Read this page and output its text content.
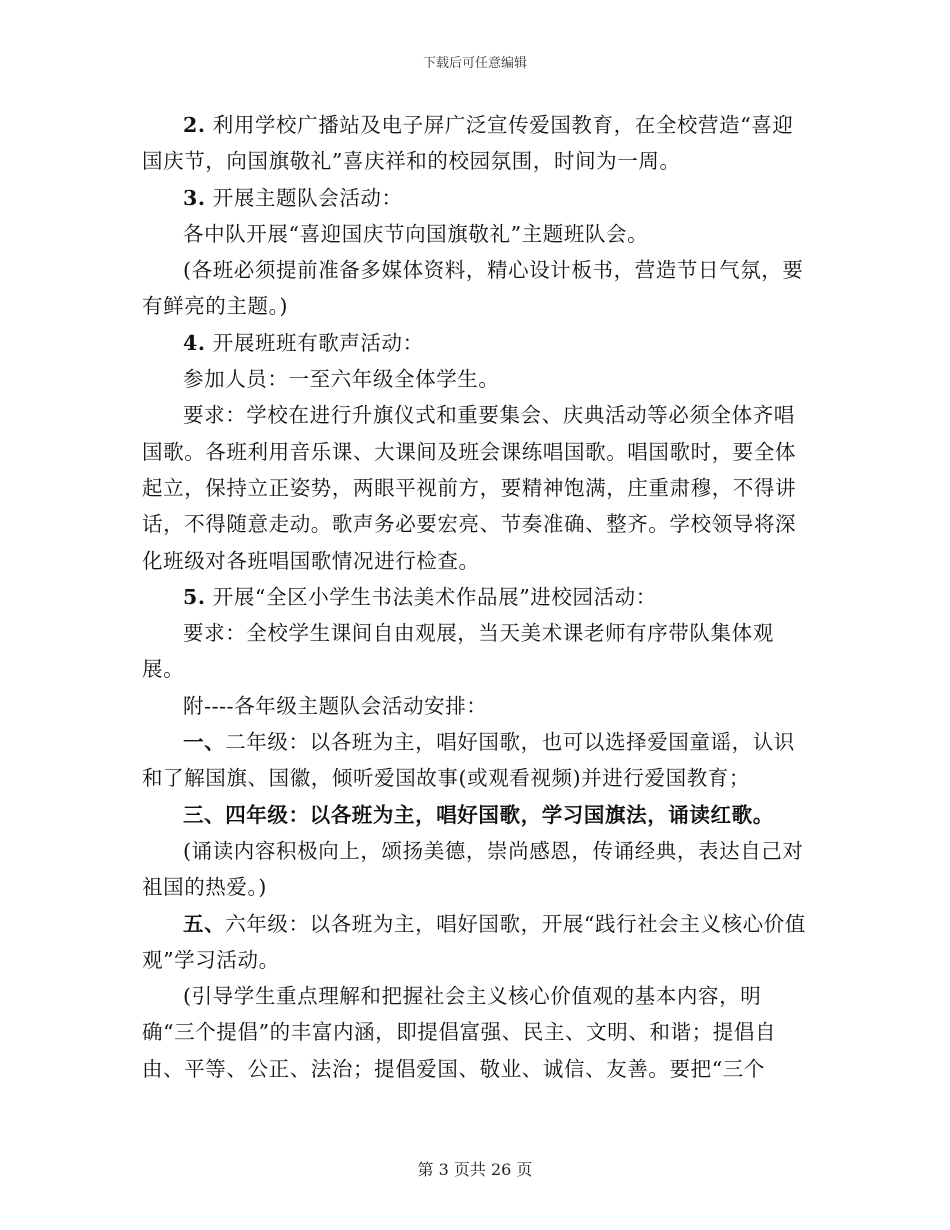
下载后可任意编辑

2. 利用学校广播站及电子屏广泛宣传爱国教育，在全校营造“喜迎国庆节，向国旗敬礼”喜庆祥和的校园氛围，时间为一周。

3. 开展主题队会活动：

各中队开展“喜迎国庆节向国旗敬礼”主题班队会。

(各班必须提前准备多媒体资料，精心设计板书，营造节日气氛，要有鲜亮的主题。)

4. 开展班班有歌声活动：

参加人员：一至六年级全体学生。

要求：学校在进行升旗仪式和重要集会、庆典活动等必须全体齐唱国歌。各班利用音乐课、大课间及班会课练唱国歌。唱国歌时，要全体起立，保持立正姿势，两眼平视前方，要精神饱满，庄重肃穆，不得讲话，不得随意走动。歌声务必要宏亮、节奏准确、整齐。学校领导将深化班级对各班唱国歌情况进行检查。

5. 开展“全区小学生书法美术作品展”进校园活动：

要求：全校学生课间自由观展，当天美术课老师有序带队集体观展。

附----各年级主题队会活动安排：

一、二年级：以各班为主，唱好国歌，也可以选择爱国童谣，认识和了解国旗、国徽，倾听爱国故事(或观看视频)并进行爱国教育；

三、四年级：以各班为主，唱好国歌，学习国旗法，诵读红歌。

(诵读内容积极向上，颂扬美德，崇尚感恩，传诵经典，表达自己对祖国的热爱。)

五、六年级：以各班为主，唱好国歌，开展“践行社会主义核心价值观”学习活动。

(引导学生重点理解和把握社会主义核心价值观的基本内容，明确“三个提倡”的丰富内涵，即提倡富强、民主、文明、和谐；提倡自由、平等、公正、法治；提倡爱国、敬业、诚信、友善。要把“三个

第 3 页共 26 页
